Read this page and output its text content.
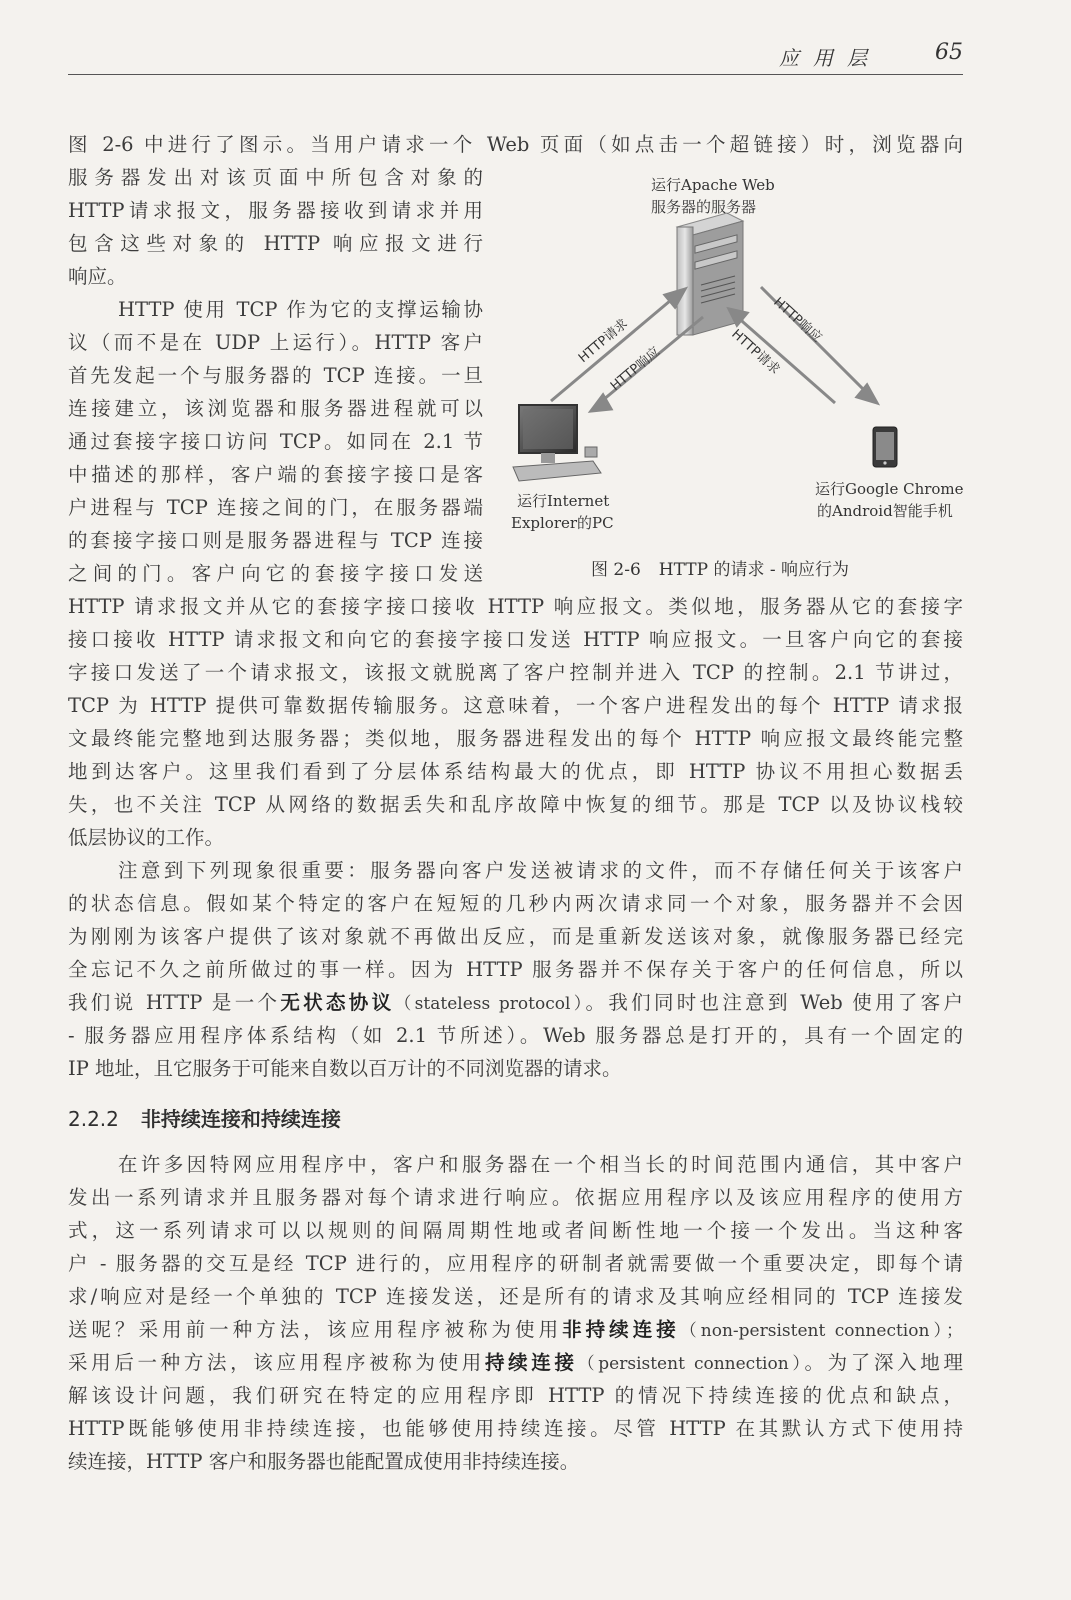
应用层 65
图 2-6 中进行了图示。当用户请求一个 Web 页面（如点击一个超链接）时，浏览器向
服务器发出对该页面中所包含对象的
HTTP请求报文，服务器接收到请求并用
包含这些对象的 HTTP 响应报文进行
响应。
HTTP 使用 TCP 作为它的支撑运输协
议（而不是在 UDP 上运行）。HTTP 客户
首先发起一个与服务器的 TCP 连接。一旦
连接建立，该浏览器和服务器进程就可以
通过套接字接口访问 TCP。如同在 2.1 节
中描述的那样，客户端的套接字接口是客
户进程与 TCP 连接之间的门，在服务器端
的套接字接口则是服务器进程与 TCP 连接
之间的门。客户向它的套接字接口发送
HTTP 请求报文并从它的套接字接口接收 HTTP 响应报文。类似地，服务器从它的套接字
接口接收 HTTP 请求报文和向它的套接字接口发送 HTTP 响应报文。一旦客户向它的套接
字接口发送了一个请求报文，该报文就脱离了客户控制并进入 TCP 的控制。2.1 节讲过，
TCP 为 HTTP 提供可靠数据传输服务。这意味着，一个客户进程发出的每个 HTTP 请求报
文最终能完整地到达服务器；类似地，服务器进程发出的每个 HTTP 响应报文最终能完整
地到达客户。这里我们看到了分层体系结构最大的优点，即 HTTP 协议不用担心数据丢
失，也不关注 TCP 从网络的数据丢失和乱序故障中恢复的细节。那是 TCP 以及协议栈较
低层协议的工作。
注意到下列现象很重要：服务器向客户发送被请求的文件，而不存储任何关于该客户
的状态信息。假如某个特定的客户在短短的几秒内两次请求同一个对象，服务器并不会因
为刚刚为该客户提供了该对象就不再做出反应，而是重新发送该对象，就像服务器已经完
全忘记不久之前所做过的事一样。因为 HTTP 服务器并不保存关于客户的任何信息，所以
我们说 HTTP 是一个无状态协议（stateless protocol）。我们同时也注意到 Web 使用了客户
- 服务器应用程序体系结构（如 2.1 节所述）。Web 服务器总是打开的，具有一个固定的
IP 地址，且它服务于可能来自数以百万计的不同浏览器的请求。
2.2.2 非持续连接和持续连接
在许多因特网应用程序中，客户和服务器在一个相当长的时间范围内通信，其中客户
发出一系列请求并且服务器对每个请求进行响应。依据应用程序以及该应用程序的使用方
式，这一系列请求可以以规则的间隔周期性地或者间断性地一个接一个发出。当这种客
户 - 服务器的交互是经 TCP 进行的，应用程序的研制者就需要做一个重要决定，即每个请
求/响应对是经一个单独的 TCP 连接发送，还是所有的请求及其响应经相同的 TCP 连接发
送呢？采用前一种方法，该应用程序被称为使用非持续连接（non-persistent connection）；
采用后一种方法，该应用程序被称为使用持续连接（persistent connection）。为了深入地理
解该设计问题，我们研究在特定的应用程序即 HTTP 的情况下持续连接的优点和缺点，
HTTP既能够使用非持续连接，也能够使用持续连接。尽管 HTTP 在其默认方式下使用持
续连接，HTTP 客户和服务器也能配置成使用非持续连接。
HTTP请求
HTTP响应
HTTP响应
HTTP请求
运行Apache Web
服务器的服务器
运行Internet
Explorer的PC
运行Google Chrome
的Android智能手机
图 2-6 HTTP 的请求 - 响应行为
